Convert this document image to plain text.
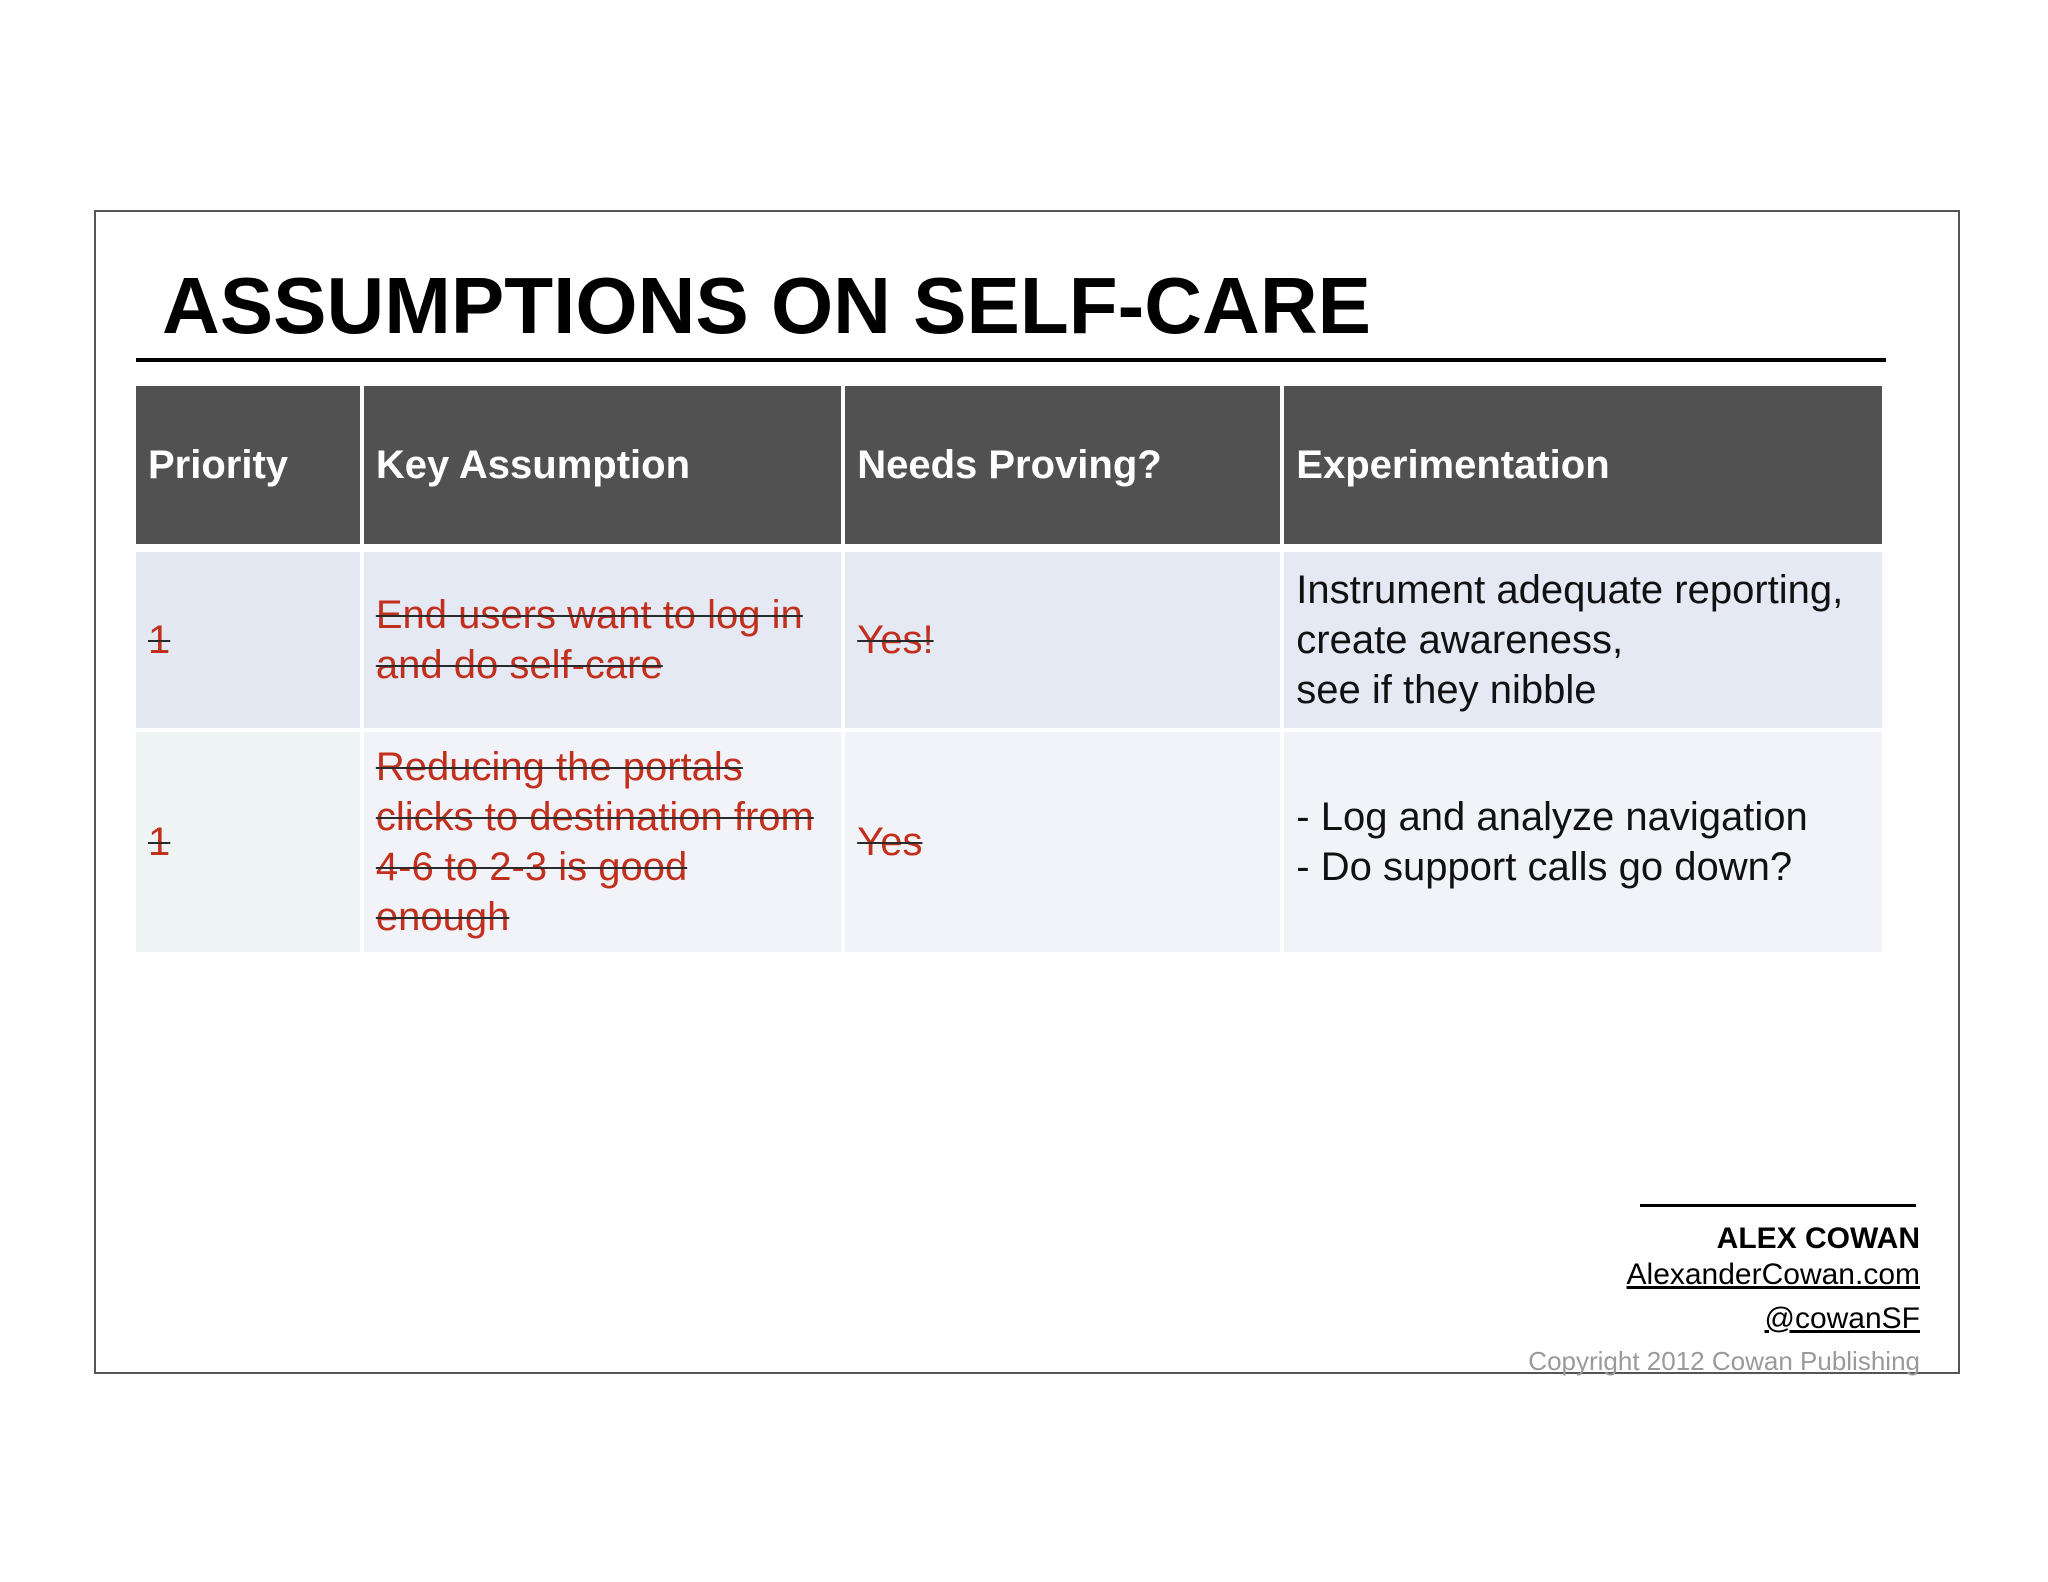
ASSUMPTIONS ON SELF-CARE
Priority	Key Assumption	Needs Proving?	Experimentation

1	End users want to log in and do self-care	Yes!	Instrument adequate reporting,
create awareness,
see if they nibble

1	Reducing the portals clicks to destination from 4-6 to 2-3 is good enough	Yes	- Log and analyze navigation
- Do support calls go down?
ALEX COWAN
AlexanderCowan.com
@cowanSF
Copyright 2012 Cowan Publishing
